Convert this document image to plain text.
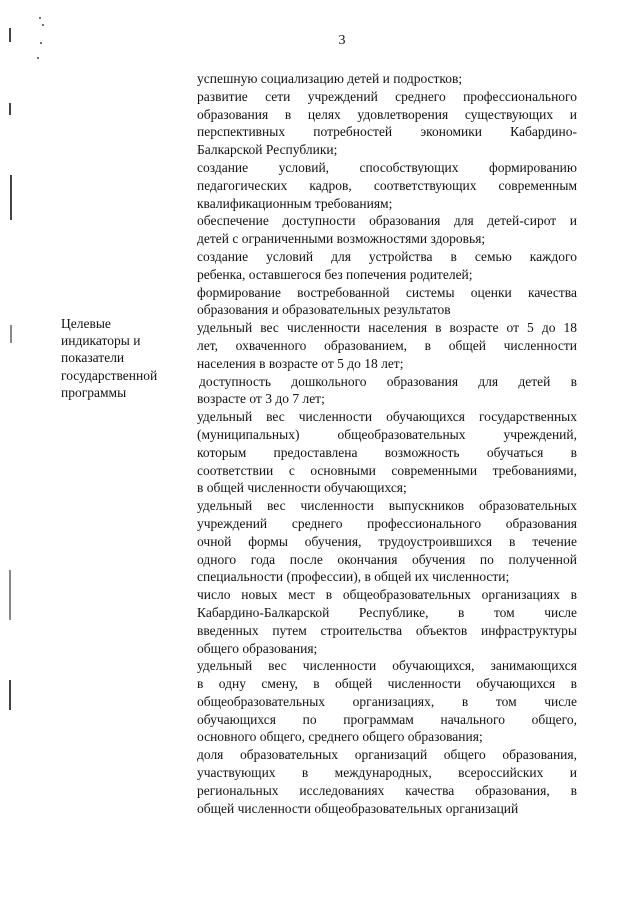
3
Целевые
индикаторы и
показатели
государственной
программы
успешную социализацию детей и подростков;
развитие сети учреждений среднего профессионального
образования в целях удовлетворения существующих и
перспективных потребностей экономики Кабардино-
Балкарской Республики;
создание условий, способствующих формированию
педагогических кадров, соответствующих современным
квалификационным требованиям;
обеспечение доступности образования для детей-сирот и
детей с ограниченными возможностями здоровья;
создание условий для устройства в семью каждого
ребенка, оставшегося без попечения родителей;
формирование востребованной системы оценки качества
образования и образовательных результатов
удельный вес численности населения в возрасте от 5 до 18
лет, охваченного образованием, в общей численности
населения в возрасте от 5 до 18 лет;
доступность дошкольного образования для детей в
возрасте от 3 до 7 лет;
удельный вес численности обучающихся государственных
(муниципальных) общеобразовательных учреждений,
которым предоставлена возможность обучаться в
соответствии с основными современными требованиями,
в общей численности обучающихся;
удельный вес численности выпускников образовательных
учреждений среднего профессионального образования
очной формы обучения, трудоустроившихся в течение
одного года после окончания обучения по полученной
специальности (профессии), в общей их численности;
число новых мест в общеобразовательных организациях в
Кабардино-Балкарской Республике, в том числе
введенных путем строительства объектов инфраструктуры
общего образования;
удельный вес численности обучающихся, занимающихся
в одну смену, в общей численности обучающихся в
общеобразовательных организациях, в том числе
обучающихся по программам начального общего,
основного общего, среднего общего образования;
доля образовательных организаций общего образования,
участвующих в международных, всероссийских и
региональных исследованиях качества образования, в
общей численности общеобразовательных организаций
